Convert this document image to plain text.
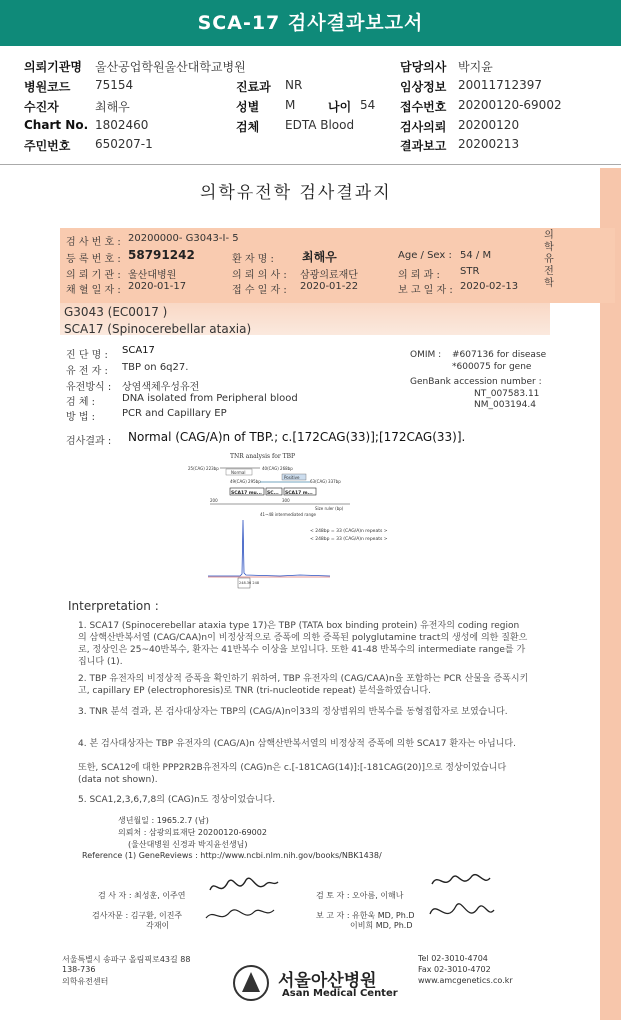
SCA-17 검사결과보고서
의뢰기관명 울산공업학원울산대학교병원	담당의사 박지윤
병원코드 75154	진료과 NR	임상정보 20011712397
수진자	최해우	성별 M	나이 54 접수번호 20200120-69002
Chart No. 1802460	검체 EDTA Blood	검사의뢰 20200120
주민번호 650207-1	결과보고 20200213
의학유전학 검사결과지
의학유전학
검 사 번 호 : 20200000- G3043-I- 5
등 록 번 호 : 58791242	환 자 명 : 최해우	Age / Sex : 54 / M
의 뢰 기 관 : 울산대병원	의 뢰 의 사 : 삼광의료재단	의 뢰 과 : STR
채 혈 일 자 : 2020-01-17	접 수 일 자 : 2020-01-22	보 고 일 자 : 2020-02-13
G3043 (EC0017 )
SCA17 (Spinocerebellar ataxia)
진 단 명 : SCA17
유 전 자 : TBP on 6q27.
유전방식 : 상염색체우성유전
검 체 :	DNA isolated from Peripheral blood
방 법 :	PCR and Capillary EP
OMIM : #607136 for disease
*600075 for gene
GenBank accession number :
NT_007583.11
NM_003194.4
검사결과 : Normal (CAG/A)n of TBP.; c.[172CAG(33)];[172CAG(33)].
TNR analysis for TBP
25(CAG) 223bp	40(CAG) 268bp
Normal
Positive
49(CAG) 295bp	63(CAG) 337bp
SCA17 mu... SC... SCA17 m...
200	300
Size ruler (bp)
41~48 intermediated range
< 248bp = 33 (CAG/A)n repeats >
< 248bp = 33 (CAG/A)n repeats >
248.36 248
Interpretation :
1. SCA17 (Spinocerebellar ataxia type 17)은 TBP (TATA box binding protein) 유전자의 coding region 의 삼핵산반복서열 (CAG/CAA)n이 비정상적으로 증폭에 의한 증폭된 polyglutamine tract의 생성에 의한 질환으로, 정상인은 25~40반복수, 환자는 41반복수 이상을 보입니다. 또한 41-48 반복수의 intermediate range를 가집니다 (1).
2. TBP 유전자의 비정상적 증폭을 확인하기 위하여, TBP 유전자의 (CAG/CAA)n을 포함하는 PCR 산물을 증폭시키고, capillary EP (electrophoresis)로 TNR (tri-nucleotide repeat) 분석을하였습니다.
3. TNR 분석 결과, 본 검사대상자는 TBP의 (CAG/A)n이33의 정상범위의 반복수를 동형접합자로 보였습니다.
4. 본 검사대상자는 TBP 유전자의 (CAG/A)n 삼핵산반복서열의 비정상적 증폭에 의한 SCA17 환자는 아닙니다.
또한, SCA12에 대한 PPP2R2B유전자의 (CAG)n은 c.[-181CAG(14)]:[-181CAG(20)]으로 정상이었습니다 (data not shown).
5. SCA1,2,3,6,7,8의 (CAG)n도 정상이었습니다.
생년월일 : 1965.2.7 (남)
의뢰처 : 삼광의료재단 20200120-69002
(울산대병원 신경과 박지윤선생님)
Reference (1) GeneReviews : http://www.ncbi.nlm.nih.gov/books/NBK1438/
검 사 자 : 최성훈, 이주연	검 토 자 : 오아름, 이해나
검사자문 : 김구환, 이진주
각재이
보 고 자 : 유한욱 MD, Ph.D
이비희 MD, Ph.D
서울특별시 송파구 올림픽로43길 88
138-736
의학유전센터	서울아산병원
Asan Medical Center
Tel 02-3010-4704
Fax 02-3010-4702
www.amcgenetics.co.kr
